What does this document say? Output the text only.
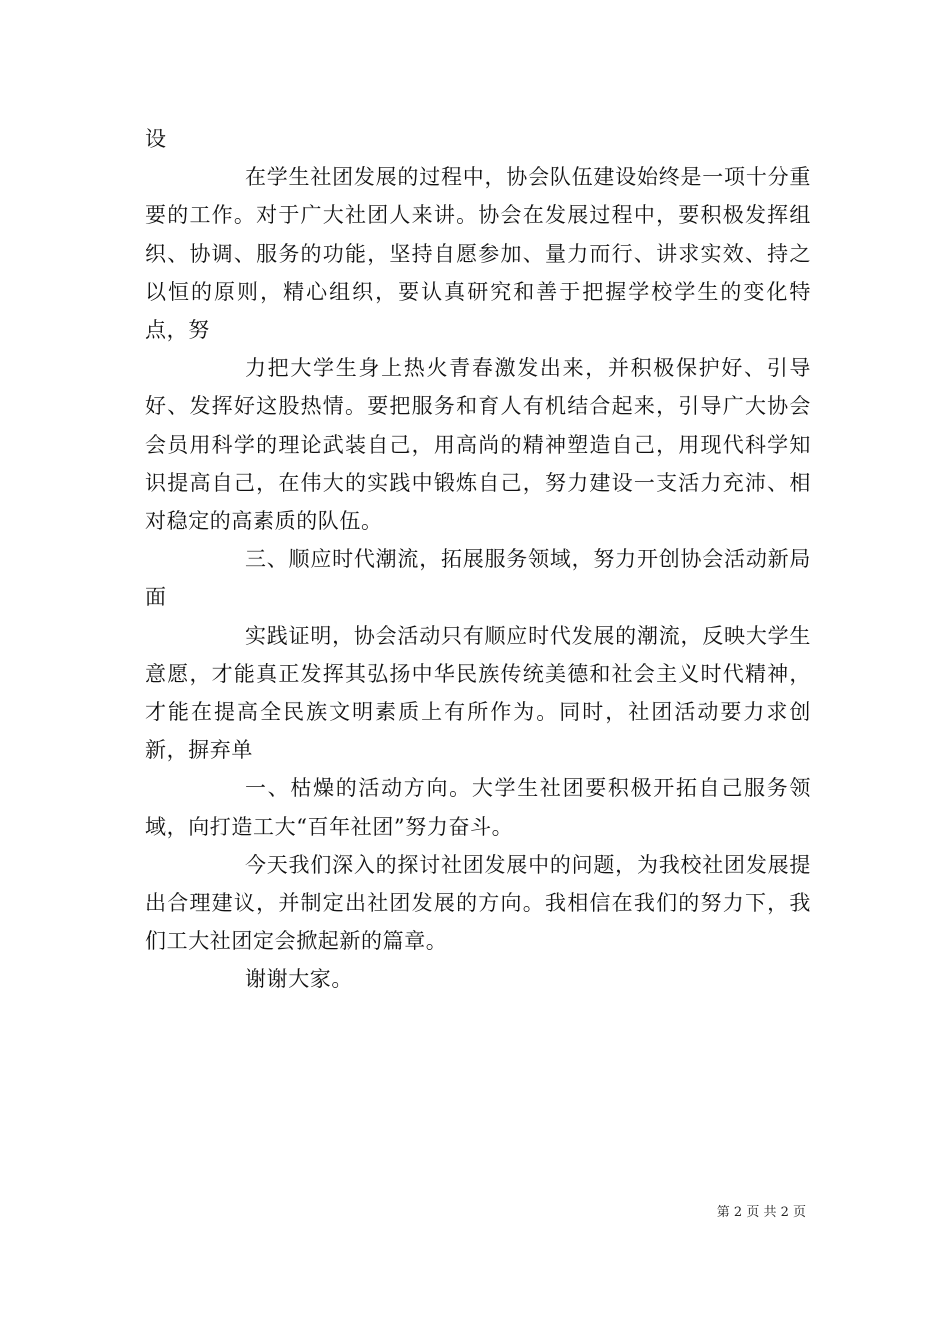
设

在学生社团发展的过程中，协会队伍建设始终是一项十分重要的工作。对于广大社团人来讲。协会在发展过程中，要积极发挥组织、协调、服务的功能，坚持自愿参加、量力而行、讲求实效、持之以恒的原则，精心组织，要认真研究和善于把握学校学生的变化特点，努

力把大学生身上热火青春激发出来，并积极保护好、引导好、发挥好这股热情。要把服务和育人有机结合起来，引导广大协会会员用科学的理论武装自己，用高尚的精神塑造自己，用现代科学知识提高自己，在伟大的实践中锻炼自己，努力建设一支活力充沛、相对稳定的高素质的队伍。

三、顺应时代潮流，拓展服务领域，努力开创协会活动新局面

实践证明，协会活动只有顺应时代发展的潮流，反映大学生意愿，才能真正发挥其弘扬中华民族传统美德和社会主义时代精神，才能在提高全民族文明素质上有所作为。同时，社团活动要力求创新，摒弃单

一、枯燥的活动方向。大学生社团要积极开拓自己服务领域，向打造工大“百年社团”努力奋斗。

今天我们深入的探讨社团发展中的问题，为我校社团发展提出合理建议，并制定出社团发展的方向。我相信在我们的努力下，我们工大社团定会掀起新的篇章。

谢谢大家。

第 2 页 共 2 页
